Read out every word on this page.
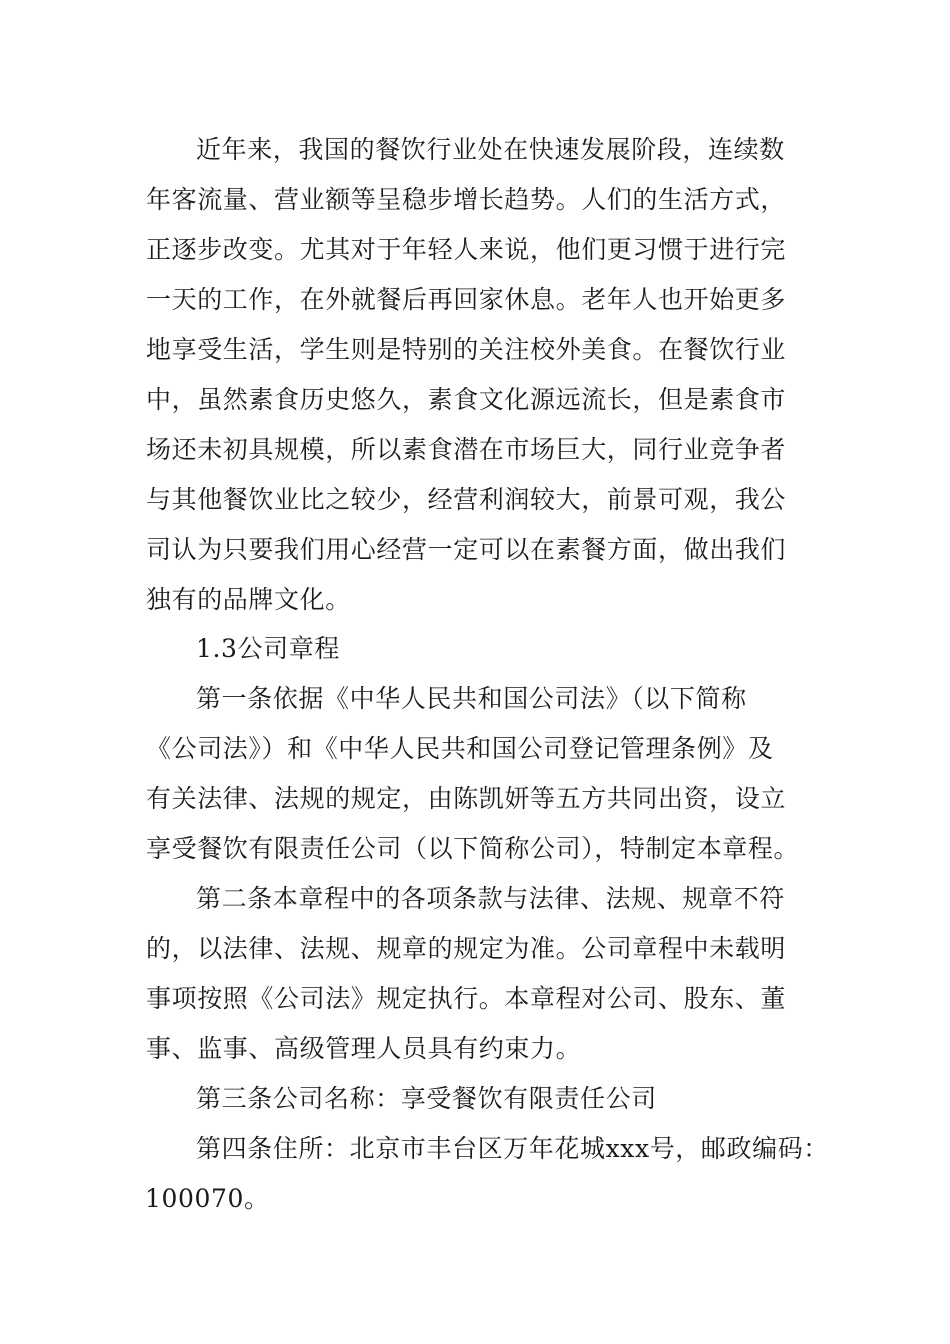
近年来，我国的餐饮行业处在快速发展阶段，连续数
年客流量、营业额等呈稳步增长趋势。人们的生活方式，
正逐步改变。尤其对于年轻人来说，他们更习惯于进行完
一天的工作，在外就餐后再回家休息。老年人也开始更多
地享受生活，学生则是特别的关注校外美食。在餐饮行业
中，虽然素食历史悠久，素食文化源远流长，但是素食市
场还未初具规模，所以素食潜在市场巨大，同行业竞争者
与其他餐饮业比之较少，经营利润较大，前景可观，我公
司认为只要我们用心经营一定可以在素餐方面，做出我们
独有的品牌文化。
1.3公司章程
第一条依据《中华人民共和国公司法》（以下简称
《公司法》）和《中华人民共和国公司登记管理条例》及
有关法律、法规的规定，由陈凯妍等五方共同出资，设立
享受餐饮有限责任公司（以下简称公司），特制定本章程。
第二条本章程中的各项条款与法律、法规、规章不符
的，以法律、法规、规章的规定为准。公司章程中未载明
事项按照《公司法》规定执行。本章程对公司、股东、董
事、监事、高级管理人员具有约束力。
第三条公司名称：享受餐饮有限责任公司
第四条住所：北京市丰台区万年花城xxx号，邮政编码：
100070。
